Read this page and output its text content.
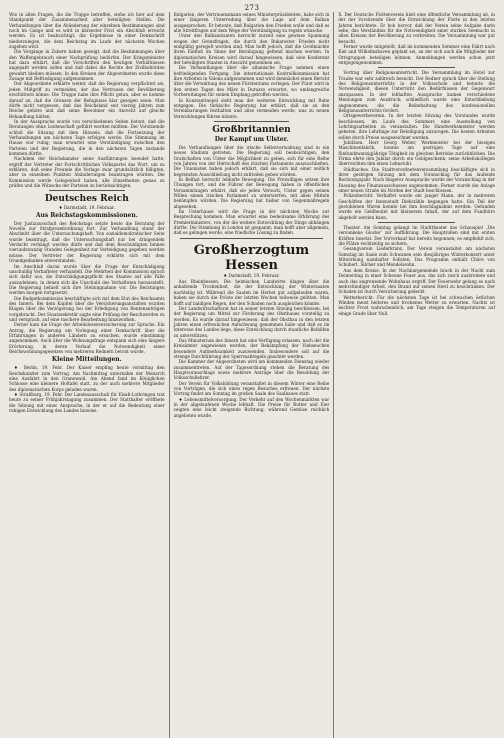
273

Wie in allen Fragen, die die Truppe betreffen, stehe ich hier auf dem Standpunkt der Zusammenarbeit aller beteiligten Stellen. Die Verhandlungen über die Abänderung der einzelnen Bestimmungen sind noch im Gange und es wird in kürzester Frist ein Abschluß erreicht werden. Es ist beabsichtigt, die Ergebnisse in einer Denkschrift niederzulegen, die dem Reichstag im Laufe der nächsten Wochen zugehen wird.

Die Vorgänge in Zabern haben gezeigt, daß die Bestimmungen über den Waffengebrauch einer Nachprüfung bedürfen. Der Kriegsminister hat dazu erklärt, daß die Vorschriften den heutigen Verhältnissen angepaßt werden sollen und daß dabei die Rechte der Zivilbehörden gewahrt bleiben müssen. In den Kreisen der Abgeordneten wurde diese Zusage mit Befriedigung aufgenommen.

Der Abgeordnete erklärte weiter, daß die Regierung verpflichtet sei, jeden Mißgriff zu vermeiden, der das Vertrauen der Bevölkerung erschüttern könne. Die Truppe habe ihre Pflicht getan, aber es komme darauf an, daß die Grenzen der Befugnisse klar gezogen seien. Man dürfe nicht vergessen, daß das Reichsland seit vierzig Jahren zum Reiche gehöre und daß seine Bewohner ein Anrecht auf gleiche Behandlung hätten.

In der Aussprache wurde von verschiedenen Seiten betont, daß die Beratungen ohne Leidenschaft geführt werden müßten. Der Vorsitzende schloß die Sitzung mit dem Hinweis, daß die Fortsetzung der Verhandlungen am nächsten Tage erfolgen werde. Die Stimmung im Hause war ruhig; man erwartet eine Verständigung zwischen den Parteien und der Regierung, die in den nächsten Tagen zustande kommen dürfte.

Nachdem der Reichskanzler seine Ausführungen beendet hatte, ergriff der Vertreter der Fortschrittlichen Volkspartei das Wort, um zu erklären, daß seine Freunde die Vorlage zwar grundsätzlich billigten, aber in einzelnen Punkten Abänderungen beantragen würden. Die Kommission werde Gelegenheit haben, alle Einzelheiten genau zu prüfen und die Wünsche der Parteien zu berücksichtigen.

Deutsches Reich
♦ Darmstadt, 19. Februar.
Aus Reichstagskommissionen.

Der Justizausschuß des Reichstags setzte heute die Beratung der Novelle zur Strafprozeßordnung fort. Zur Verhandlung stand der Abschnitt über die Untersuchungshaft. Von sozialdemokratischer Seite wurde beantragt, daß die Untersuchungshaft nur bei dringendem Verdacht verhängt werden dürfe und daß dem Beschuldigten binnen vierundzwanzig Stunden Gelegenheit zur Verteidigung gegeben werden müsse. Der Vertreter der Regierung erklärte sich mit dem Grundgedanken einverstanden.

Im Anschluß daran wurde über die Frage der Entschädigung unschuldig Verhafteter verhandelt. Die Mehrheit der Kommission sprach sich dafür aus, die Entschädigungspflicht des Staates auf alle Fälle auszudehnen, in denen sich die Unschuld des Verhafteten herausstellt. Die Regierung behielt sich ihre Stellungnahme vor. Die Beratungen werden morgen fortgesetzt.

Die Budgetkommission beschäftigte sich mit dem Etat des Reichsamts des Innern. Bei dem Kapitel über die Versicherungsanstalten wurden Klagen über die Verzögerung bei der Erledigung von Rentenanträgen vorgebracht. Der Staatssekretär sagte eine Prüfung der Beschwerden zu und versprach, auf eine raschere Bearbeitung hinzuwirken.

Ferner kam die Frage der Arbeitslosenversicherung zur Sprache. Ein Antrag, die Regierung um Vorlegung einer Denkschrift über die Erfahrungen in anderen Ländern zu ersuchen, wurde einstimmig angenommen. Auch über die Wohnungsfrage entspann sich eine längere Erörterung, in deren Verlauf die Notwendigkeit eines Reichswohnungsgesetzes von mehreren Rednern betont wurde.

Kleine Mitteilungen.

♦ Berlin, 19. Febr. Der Kaiser empfing heute vormittag den Reichskanzler zum Vortrag. Am Nachmittag unternahm der Monarch eine Ausfahrt in den Grunewald. Am Abend fand im Königlichen Schlosse eine kleinere Hoftafel statt, zu der auch mehrere Mitglieder des diplomatischen Korps geladen waren.

♦ Straßburg, 19. Febr. Der Landesausschuß für Elsaß-Lothringen trat heute zu seiner Frühjahrstagung zusammen. Der Statthalter eröffnete die Sitzung mit einer Ansprache, in der er auf die Bedeutung einer ruhigen Entwicklung des Landes hinwies.

Bulgarien, der Vertrauensmann seines Ministerpräsidenten, habe sich in einer längeren Unterredung über die Lage auf dem Balkan ausgesprochen. Er betonte, daß Bulgarien den Frieden wolle und daß es alle Streitfragen auf dem Wege der Verständigung zu regeln wünsche.

Unter den Balkanstaaten herrscht zurzeit eine gewisse Spannung wegen der Grenzfragen, die durch den Bukarester Frieden nicht endgültig geregelt worden sind. Man hofft jedoch, daß die Großmächte ihren Einfluß im Sinne der Beruhigung geltend machen werden. In diplomatischen Kreisen wird darauf hingewiesen, daß eine Konferenz der beteiligten Staaten in Aussicht genommen sei.

Die Verhandlungen über die albanische Frage nehmen einen befriedigenden Fortgang. Die internationale Kontrollkommission hat ihre Arbeiten in Valona aufgenommen und wird demnächst einen Bericht über die Verwaltung des neuen Fürstentums vorlegen. Der Fürst wird in den ersten Tagen des März in Durazzo erwartet, wo umfangreiche Vorbereitungen für seinen Empfang getroffen werden.

In Konstantinopel sieht man der weiteren Entwicklung mit Ruhe entgegen. Die türkische Regierung hat erklärt, daß sie an den Vereinbarungen festhalten und alles vermeiden werde, was zu neuen Verwicklungen führen könnte.

Großbritannien
Der Kampf um Ulster.

Die Verhandlungen über die irische Selbstverwaltung sind in ein neues Stadium getreten. Die Regierung soll beabsichtigen, den Grafschaften von Ulster die Möglichkeit zu geben, sich für eine Reihe von Jahren von der Herrschaft des irischen Parlaments auszuschließen. Die Unionisten haben jedoch erklärt, daß sie sich mit einer zeitlich begrenzten Ausschließung nicht zufrieden geben würden.

In Belfast herrscht lebhafte Bewegung. Die Freiwilligen setzen ihre Übungen fort, und die Führer der Bewegung haben in öffentlichen Versammlungen erklärt, daß sie jeden Versuch, Ulster gegen seinen Willen einem irischen Parlament zu unterwerfen, mit allen Mitteln bekämpfen würden. Die Regierung hat bisher von Gegenmaßregeln abgesehen.

Im Unterhause wird die Frage in der nächsten Woche zur Besprechung kommen. Man erwartet eine bedeutsame Erklärung des Premierministers, von der die weitere Entwicklung der Dinge abhängen dürfte. Die Stimmung in London ist gespannt; man hofft aber allgemein, daß es gelingen werde, eine friedliche Lösung zu finden.

Großherzogtum Hessen
♦ Darmstadt, 19. Februar.

Aus Rheinhessen. Die heimischen Landwirte klagen über die anhaltende Trockenheit, die der Entwicklung der Wintersaaten nachteilig ist. Während die Saaten im Herbst gut aufgelaufen waren, haben sie durch die Fröste der letzten Wochen teilweise gelitten. Man hofft auf baldigen Regen, der den Schaden noch ausgleichen könnte.

Der Landwirtschaftsrat hat in seiner letzten Sitzung beschlossen, bei der Regierung um Mittel zur Förderung des Obstbaues vorstellig zu werden. Es wurde darauf hingewiesen, daß der Obstbau in den letzten Jahren einen erfreulichen Aufschwung genommen habe und daß es im Interesse des Landes liege, diese Entwicklung durch staatliche Beihilfen zu unterstützen.

Das Ministerium des Innern hat eine Verfügung erlassen, nach der die Kreisämter angewiesen werden, der Bekämpfung der Viehseuchen besondere Aufmerksamkeit zuzuwenden. Insbesondere soll auf die strenge Durchführung der Sperrmaßregeln geachtet werden.

Die Kammer der Abgeordneten wird am kommenden Dienstag wieder zusammentreten. Auf der Tagesordnung stehen die Beratung des Hauptvoranschlags sowie mehrere Anträge über die Besoldung der Volksschullehrer.

Der Verein für Volksbildung veranstaltet in diesem Winter eine Reihe von Vorträgen, die sich eines regen Besuches erfreuen. Der nächste Vortrag findet am Sonntag im großen Saale des Saalbaues statt.

♦ Lebensmittelversorgung. Der Verkehr auf den Wochenmärkten war in der abgelaufenen Woche lebhaft. Die Preise für Butter und Eier zeigten eine leicht steigende Richtung, während Gemüse reichlich angeboten wurde.

X. Der Deutsche Flottenverein hielt eine öffentliche Versammlung ab, in der der Vorsitzende über die Entwicklung der Flotte in den letzten Jahren berichtete. Er hob hervor, daß der Verein seine Aufgabe darin sehe, das Verständnis für die Notwendigkeit einer starken Seemacht in allen Kreisen der Bevölkerung zu verbreiten. Die Versammlung war gut besucht.

Ferner wurde mitgeteilt, daß im kommenden Sommer eine Fahrt nach Kiel und Wilhelmshaven geplant sei, an der sich auch die Mitglieder der Ortsgruppen beteiligen können. Anmeldungen werden schon jetzt entgegengenommen.

Vortrag über Religionsunterricht. Die Versammlung im Hotel zur Traube war sehr zahlreich besucht. Der Redner sprach über die Stellung des Religionsunterrichts in der Volksschule und betonte die Notwendigkeit, diesen Unterricht den Bedürfnissen der Gegenwart anzupassen. In der lebhaften Aussprache kamen verschiedene Meinungen zum Ausdruck; schließlich wurde eine Entschließung angenommen, die die Beibehaltung des konfessionellen Religionsunterrichts fordert.

Ortsgewerbeverein. In der letzten Sitzung des Vorstandes wurde beschlossen, im Laufe des Sommers eine Ausstellung von Lehrlingsarbeiten zu veranstalten. Die Handwerksmeister werden gebeten, ihre Lehrlinge zur Beteiligung anzuregen. Die besten Arbeiten sollen durch Preise ausgezeichnet werden.

Jubiläum. Herr Georg Weber, Werkmeister bei der hiesigen Maschinenfabrik, konnte am gestrigen Tage auf eine fünfundzwanzigjährige Tätigkeit im gleichen Betriebe zurückblicken. Die Firma ehrte den Jubilar durch ein Geldgeschenk; seine Arbeitskollegen überreichten ihm einen Lehnstuhl.

Städtisches. Die Stadtverordnetenversammlung beschäftigte sich in ihrer gestrigen Sitzung mit dem Voranschlag für das laufende Rechnungsjahr. Nach längerer Aussprache wurde der Voranschlag in der Fassung des Finanzausschusses angenommen. Ferner wurde die Anlage einer neuen Straße im Norden der Stadt beschlossen.

Polizeibericht. Verhaftet wurde ein junger Mann, der in mehreren Geschäften der Innenstadt Diebstähle begangen hatte. Ein Teil der gestohlenen Waren konnte bei ihm beschlagnahmt werden. Gefunden wurde ein Geldbeutel mit kleinerem Inhalt, der auf dem Fundbüro abgeholt werden kann.

Theater. Am Sonntag gelangt im Stadttheater das Schauspiel „Die versunkene Glocke“ zur Aufführung. Die Hauptrollen sind mit ersten Kräften besetzt. Der Vorverkauf hat bereits begonnen; es empfiehlt sich, die Plätze rechtzeitig zu sichern.

Gesangverein Liederkranz. Der Verein veranstaltet am nächsten Samstag im Saale zum Schwanen sein diesjähriges Winterkonzert unter Mitwirkung namhafter Solisten. Das Programm enthält Chöre von Schubert, Silcher und Mendelssohn.

Aus dem Kreise. In der Nachbargemeinde brach in der Nacht zum Donnerstag in einer Scheune Feuer aus, das sich rasch ausbreitete und auch das angrenzende Wohnhaus ergriff. Der Feuerwehr gelang es nach mehrstündiger Arbeit, den Brand auf seinen Herd zu beschränken. Der Schaden ist durch Versicherung gedeckt.

Wetterbericht. Für die nächsten Tage ist bei schwachen östlichen Winden meist heiteres und trockenes Wetter zu erwarten. Nachts ist leichter Frost wahrscheinlich; am Tage steigen die Temperaturen auf einige Grade über Null.
